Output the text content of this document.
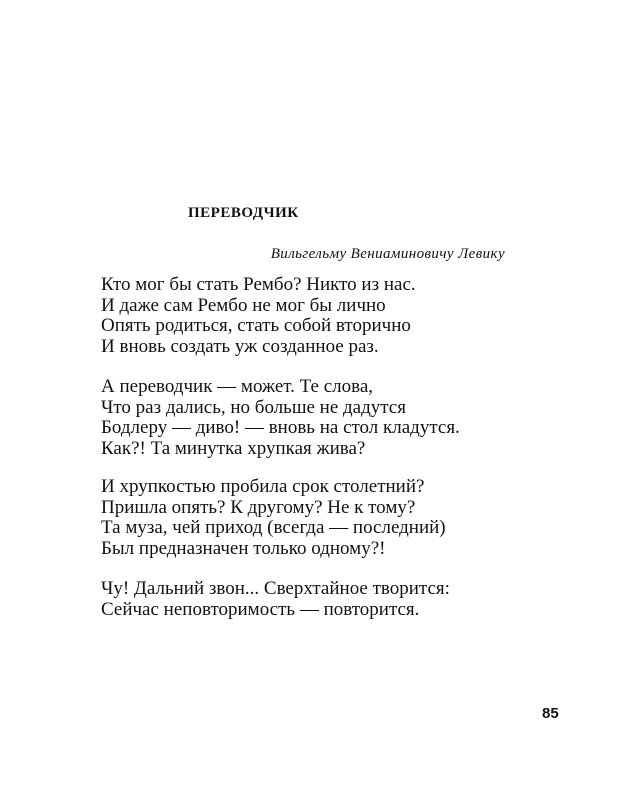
ПЕРЕВОДЧИК
Вильгельму Вениаминовичу Левику
Кто мог бы стать Рембо? Никто из нас.
И даже сам Рембо не мог бы лично
Опять родиться, стать собой вторично
И вновь создать уж созданное раз.
А переводчик — может. Те слова,
Что раз дались, но больше не дадутся
Бодлеру — диво! — вновь на стол кладутся.
Как?! Та минутка хрупкая жива?
И хрупкостью пробила срок столетний?
Пришла опять? К другому? Не к тому?
Та муза, чей приход (всегда — последний)
Был предназначен только одному?!
Чу! Дальний звон... Сверхтайное творится:
Сейчас неповторимость — повторится.
85
